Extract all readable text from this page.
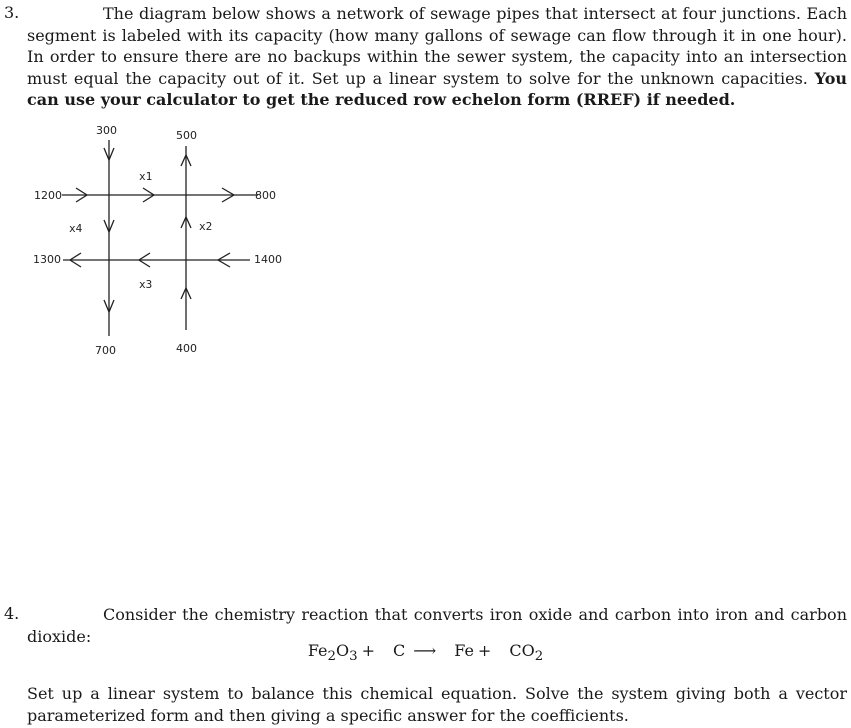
3.	The diagram below shows a network of sewage pipes that intersect at four junctions. Each segment is labeled with its capacity (how many gallons of sewage can flow through it in one hour). In order to ensure there are no backups within the sewer system, the capacity into an intersection must equal the capacity out of it. Set up a linear system to solve for the unknown capacities. You can use your calculator to get the reduced row echelon form (RREF) if needed.
300	500
1200	800
1300	1400
700	400
x1
x2
x3
x4
4.	Consider the chemistry reaction that converts iron oxide and carbon into iron and carbon dioxide:
$Fe_2O_3 + C$ ⟶ $Fe + CO_2$
Set up a linear system to balance this chemical equation. Solve the system giving both a vector parameterized form and then giving a specific answer for the coefficients.
